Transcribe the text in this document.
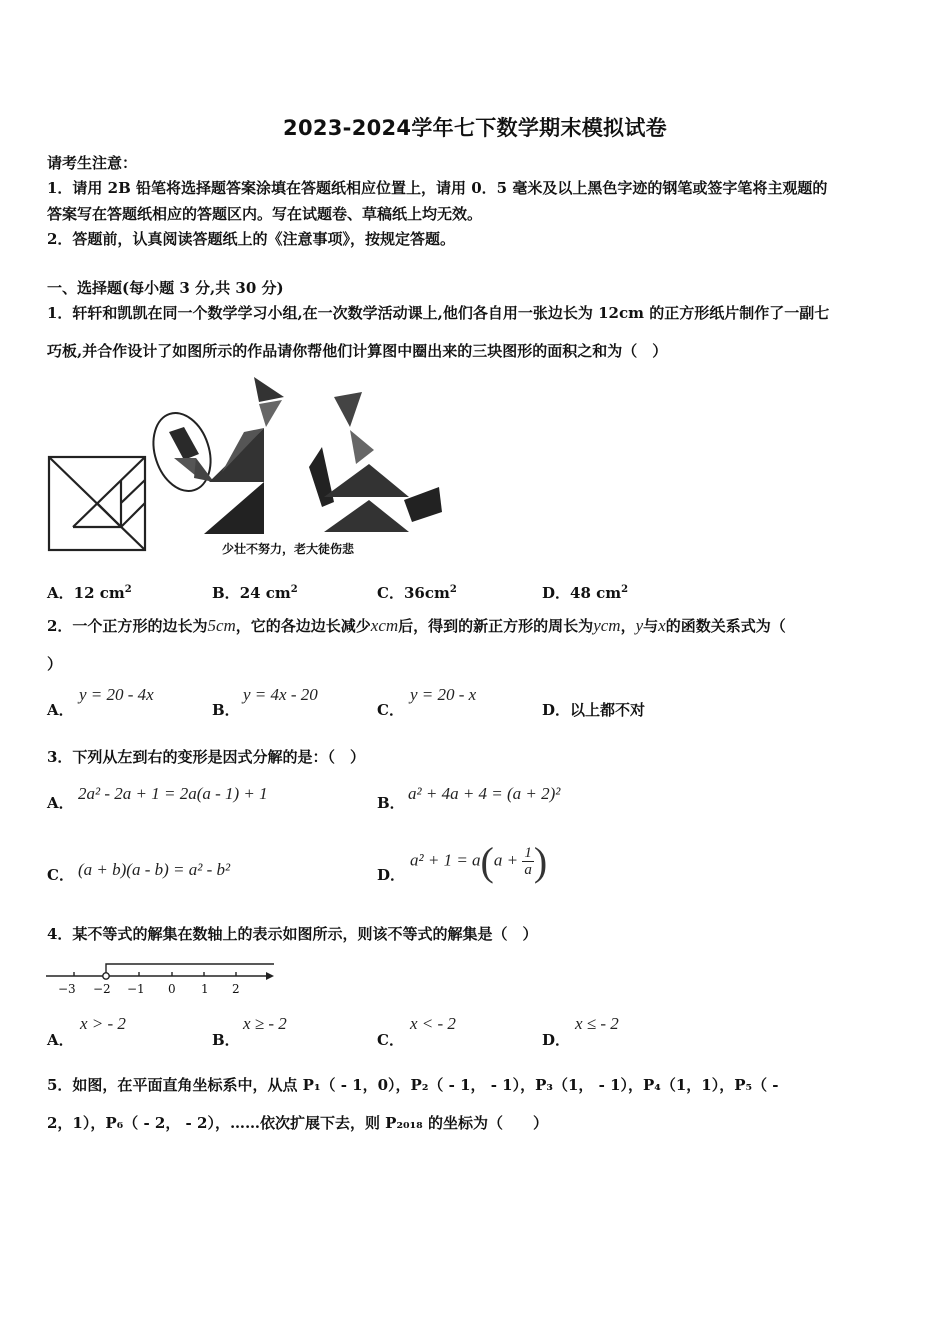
2023-2024学年七下数学期末模拟试卷
请考生注意：
1．请用 2B 铅笔将选择题答案涂填在答题纸相应位置上，请用 0．5 毫米及以上黑色字迹的钢笔或签字笔将主观题的
答案写在答题纸相应的答题区内。写在试题卷、草稿纸上均无效。
2．答题前，认真阅读答题纸上的《注意事项》，按规定答题。
一、选择题(每小题 3 分,共 30 分)
1．轩轩和凯凯在同一个数学学习小组,在一次数学活动课上,他们各自用一张边长为 12cm 的正方形纸片制作了一副七
巧板,并合作设计了如图所示的作品请你帮他们计算图中圈出来的三块图形的面积之和为（　）
少壮不努力，老大徒伤悲
A．12 $cm^2$	B．24 $cm^2$	C．$36cm^2$	D．48 $cm^2$
2．一个正方形的边长为5cm，它的各边边长减少xcm后，得到的新正方形的周长为ycm，y与x的函数关系式为（
）
A．
y = 20 - 4x
B．
y = 4x - 20
C．
y = 20 - x
D．以上都不对
3．下列从左到右的变形是因式分解的是：（　）
A． 2a² - 2a + 1 = 2a(a - 1) + 1	B． a² + 4a + 4 = (a + 2)²
C． (a + b)(a - b) = a² - b²	D．
$a^2 + 1 = a(a + \frac{1}{a}$ )
4．某不等式的解集在数轴上的表示如图所示，则该不等式的解集是（　）
−3 −2 −1 0 1 2
A．
x > - 2
B．
x ≥ - 2
C．
x < - 2
D．
x ≤ - 2
5．如图，在平面直角坐标系中，从点 P₁（ - 1，0），P₂（ - 1， - 1），P₃（1， - 1），P₄（1，1），P₅（ -
2，1），P₆（ - 2， - 2），……依次扩展下去，则 P₂₀₁₈ 的坐标为（　　）
